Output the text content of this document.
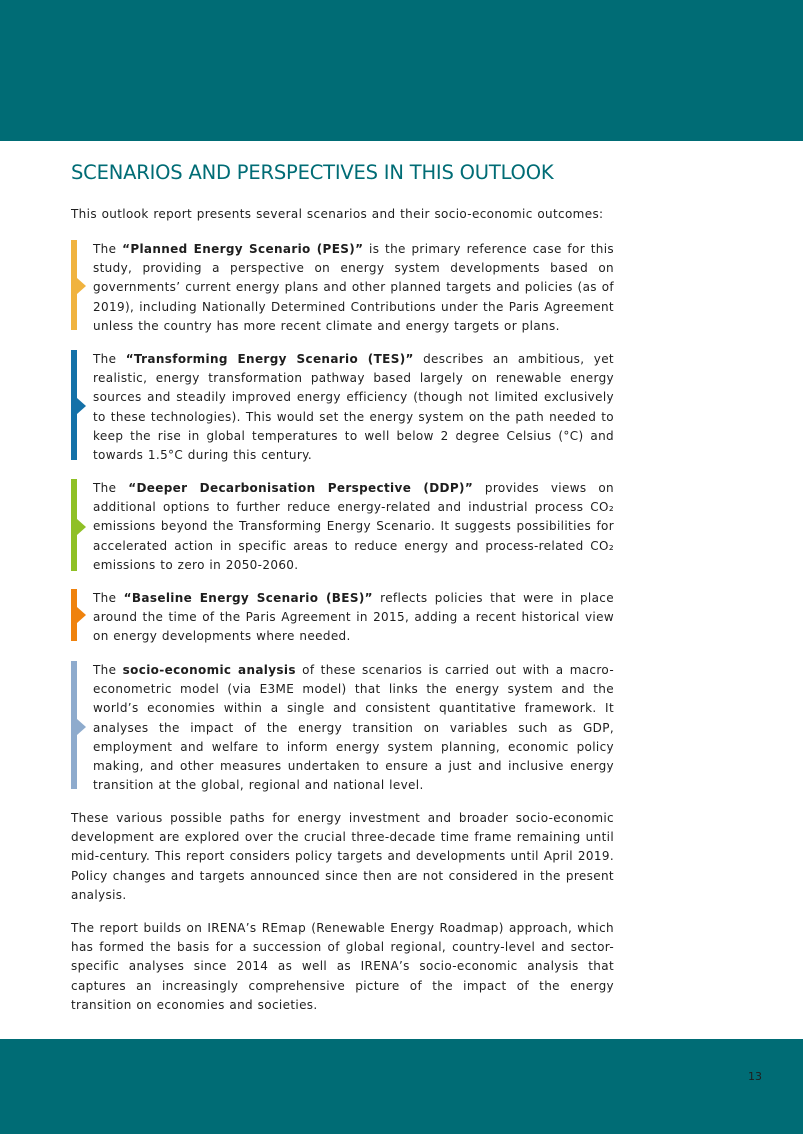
SCENARIOS AND PERSPECTIVES IN THIS OUTLOOK

This outlook report presents several scenarios and their socio-economic outcomes:

The “Planned Energy Scenario (PES)” is the primary reference case for this study, providing a perspective on energy system developments based on governments’ current energy plans and other planned targets and policies (as of 2019), including Nationally Determined Contributions under the Paris Agreement unless the country has more recent climate and energy targets or plans.

The “Transforming Energy Scenario (TES)” describes an ambitious, yet realistic, energy transformation pathway based largely on renewable energy sources and steadily improved energy efficiency (though not limited exclusively to these technologies). This would set the energy system on the path needed to keep the rise in global temperatures to well below 2 degree Celsius (°C) and towards 1.5°C during this century.

The “Deeper Decarbonisation Perspective (DDP)” provides views on additional options to further reduce energy-related and industrial process CO₂ emissions beyond the Transforming Energy Scenario. It suggests possibilities for accelerated action in specific areas to reduce energy and process-related CO₂ emissions to zero in 2050-2060.

The “Baseline Energy Scenario (BES)” reflects policies that were in place around the time of the Paris Agreement in 2015, adding a recent historical view on energy developments where needed.

The socio-economic analysis of these scenarios is carried out with a macro-econometric model (via E3ME model) that links the energy system and the world’s economies within a single and consistent quantitative framework. It analyses the impact of the energy transition on variables such as GDP, employment and welfare to inform energy system planning, economic policy making, and other measures undertaken to ensure a just and inclusive energy transition at the global, regional and national level.

These various possible paths for energy investment and broader socio-economic development are explored over the crucial three-decade time frame remaining until mid-century. This report considers policy targets and developments until April 2019. Policy changes and targets announced since then are not considered in the present analysis.

The report builds on IRENA’s REmap (Renewable Energy Roadmap) approach, which has formed the basis for a succession of global regional, country-level and sector-specific analyses since 2014 as well as IRENA’s socio-economic analysis that captures an increasingly comprehensive picture of the impact of the energy transition on economies and societies.

13
